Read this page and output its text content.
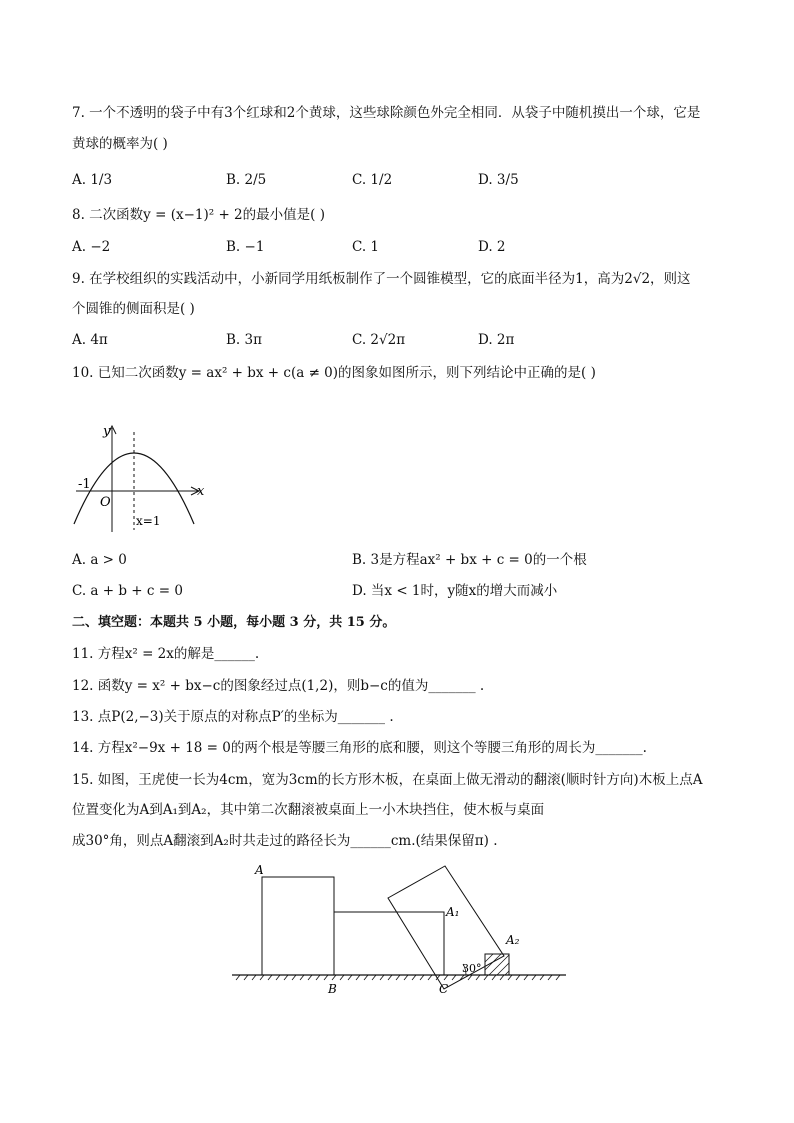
7. 一个不透明的袋子中有3个红球和2个黄球，这些球除颜色外完全相同．从袋子中随机摸出一个球，它是
黄球的概率为( )
A. 1/3	B. 2/5	C. 1/2	D. 3/5
8. 二次函数y = (x−1)² + 2的最小值是( )
A. −2	B. −1	C. 1	D. 2
9. 在学校组织的实践活动中，小新同学用纸板制作了一个圆锥模型，它的底面半径为1，高为2√2，则这
个圆锥的侧面积是( )
A. 4π	B. 3π	C. 2√2π	D. 2π
10. 已知二次函数y = ax² + bx + c(a ≠ 0)的图象如图所示，则下列结论中正确的是( )
y
x
O
-1
x=1
A. a > 0	B. 3是方程ax² + bx + c = 0的一个根
C. a + b + c = 0	D. 当x < 1时，y随x的增大而减小
二、填空题：本题共 5 小题，每小题 3 分，共 15 分。
11. 方程x² = 2x的解是______.
12. 函数y = x² + bx−c的图象经过点(1,2)，则b−c的值为_______ .
13. 点P(2,−3)关于原点的对称点P′的坐标为_______ .
14. 方程x²−9x + 18 = 0的两个根是等腰三角形的底和腰，则这个等腰三角形的周长为_______.
15. 如图，王虎使一长为4cm，宽为3cm的长方形木板，在桌面上做无滑动的翻滚(顺时针方向)木板上点A
位置变化为A到A₁到A₂，其中第二次翻滚被桌面上一小木块挡住，使木板与桌面
成30°角，则点A翻滚到A₂时共走过的路径长为______cm.(结果保留π) .
A
A₁
A₂
B	C
30°
